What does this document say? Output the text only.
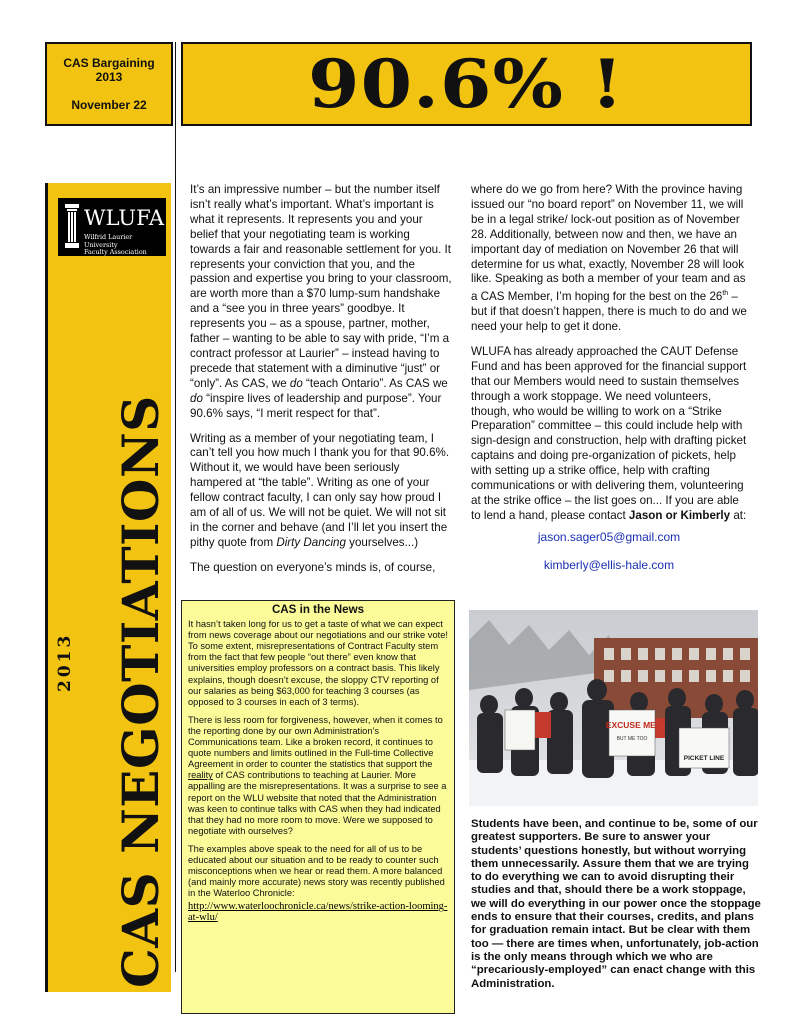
CAS Bargaining
2013
November 22	90.6% !
WLUFA
Wilfrid Laurier University
Faculty Association
2013 CAS NEGOTIATIONS

It’s an impressive number – but the number itself isn’t really what’s important. What’s important is what it represents. It represents you and your belief that your negotiating team is working towards a fair and reasonable settlement for you. It represents your conviction that you, and the passion and expertise you bring to your classroom, are worth more than a $70 lump-sum handshake and a “see you in three years” goodbye. It represents you – as a spouse, partner, mother, father – wanting to be able to say with pride, “I’m a contract professor at Laurier” – instead having to precede that statement with a diminutive “just” or “only”. As CAS, we do “teach Ontario”. As CAS we do “inspire lives of leadership and purpose”. Your 90.6% says, “I merit respect for that”.

Writing as a member of your negotiating team, I can’t tell you how much I thank you for that 90.6%. Without it, we would have been seriously hampered at “the table”. Writing as one of your fellow contract faculty, I can only say how proud I am of all of us. We will not be quiet. We will not sit in the corner and behave (and I’ll let you insert the pithy quote from Dirty Dancing yourselves...)

The question on everyone’s minds is, of course,

where do we go from here? With the province having issued our “no board report” on November 11, we will be in a legal strike/ lock-out position as of November 28. Additionally, between now and then, we have an important day of mediation on November 26 that will determine for us what, exactly, November 28 will look like. Speaking as both a member of your team and as a CAS Member, I’m hoping for the best on the 26th – but if that doesn’t happen, there is much to do and we need your help to get it done.

WLUFA has already approached the CAUT Defense Fund and has been approved for the financial support that our Members would need to sustain themselves through a work stoppage. We need volunteers, though, who would be willing to work on a “Strike Preparation” committee – this could include help with sign-design and construction, help with drafting picket captains and doing pre-organization of pickets, help with setting up a strike office, help with crafting communications or with delivering them, volunteering at the strike office – the list goes on... If you are able to lend a hand, please contact Jason or Kimberly at:

jason.sager05@gmail.com

kimberly@ellis-hale.com

CAS in the News

It hasn’t taken long for us to get a taste of what we can expect from news coverage about our negotiations and our strike vote! To some extent, misrepresentations of Contract Faculty stem from the fact that few people “out there” even know that universities employ professors on a contract basis. This likely explains, though doesn’t excuse, the sloppy CTV reporting of our salaries as being $63,000 for teaching 3 courses (as opposed to 3 courses in each of 3 terms).

There is less room for forgiveness, however, when it comes to the reporting done by our own Administration’s Communications team. Like a broken record, it continues to quote numbers and limits outlined in the Full-time Collective Agreement in order to counter the statistics that support the reality of CAS contributions to teaching at Laurier. More appalling are the misrepresentations. It was a surprise to see a report on the WLU website that noted that the Administration was keen to continue talks with CAS when they had indicated that they had no more room to move. Were we supposed to negotiate with ourselves?

The examples above speak to the need for all of us to be educated about our situation and to be ready to counter such misconceptions when we hear or read them. A more balanced (and mainly more accurate) news story was recently published in the Waterloo Chronicle:

http://www.waterloochronicle.ca/news/strike-action-looming-at-wlu/
EXCUSE ME,
BUT ME TOO
PICKET LINE
Students have been, and continue to be, some of our greatest supporters. Be sure to answer your students’ questions honestly, but without worrying them unnecessarily. Assure them that we are trying to do everything we can to avoid disrupting their studies and that, should there be a work stoppage, we will do everything in our power once the stoppage ends to ensure that their courses, credits, and plans for graduation remain intact. But be clear with them too — there are times when, unfortunately, job-action is the only means through which we who are “precariously-employed” can enact change with this Administration.
